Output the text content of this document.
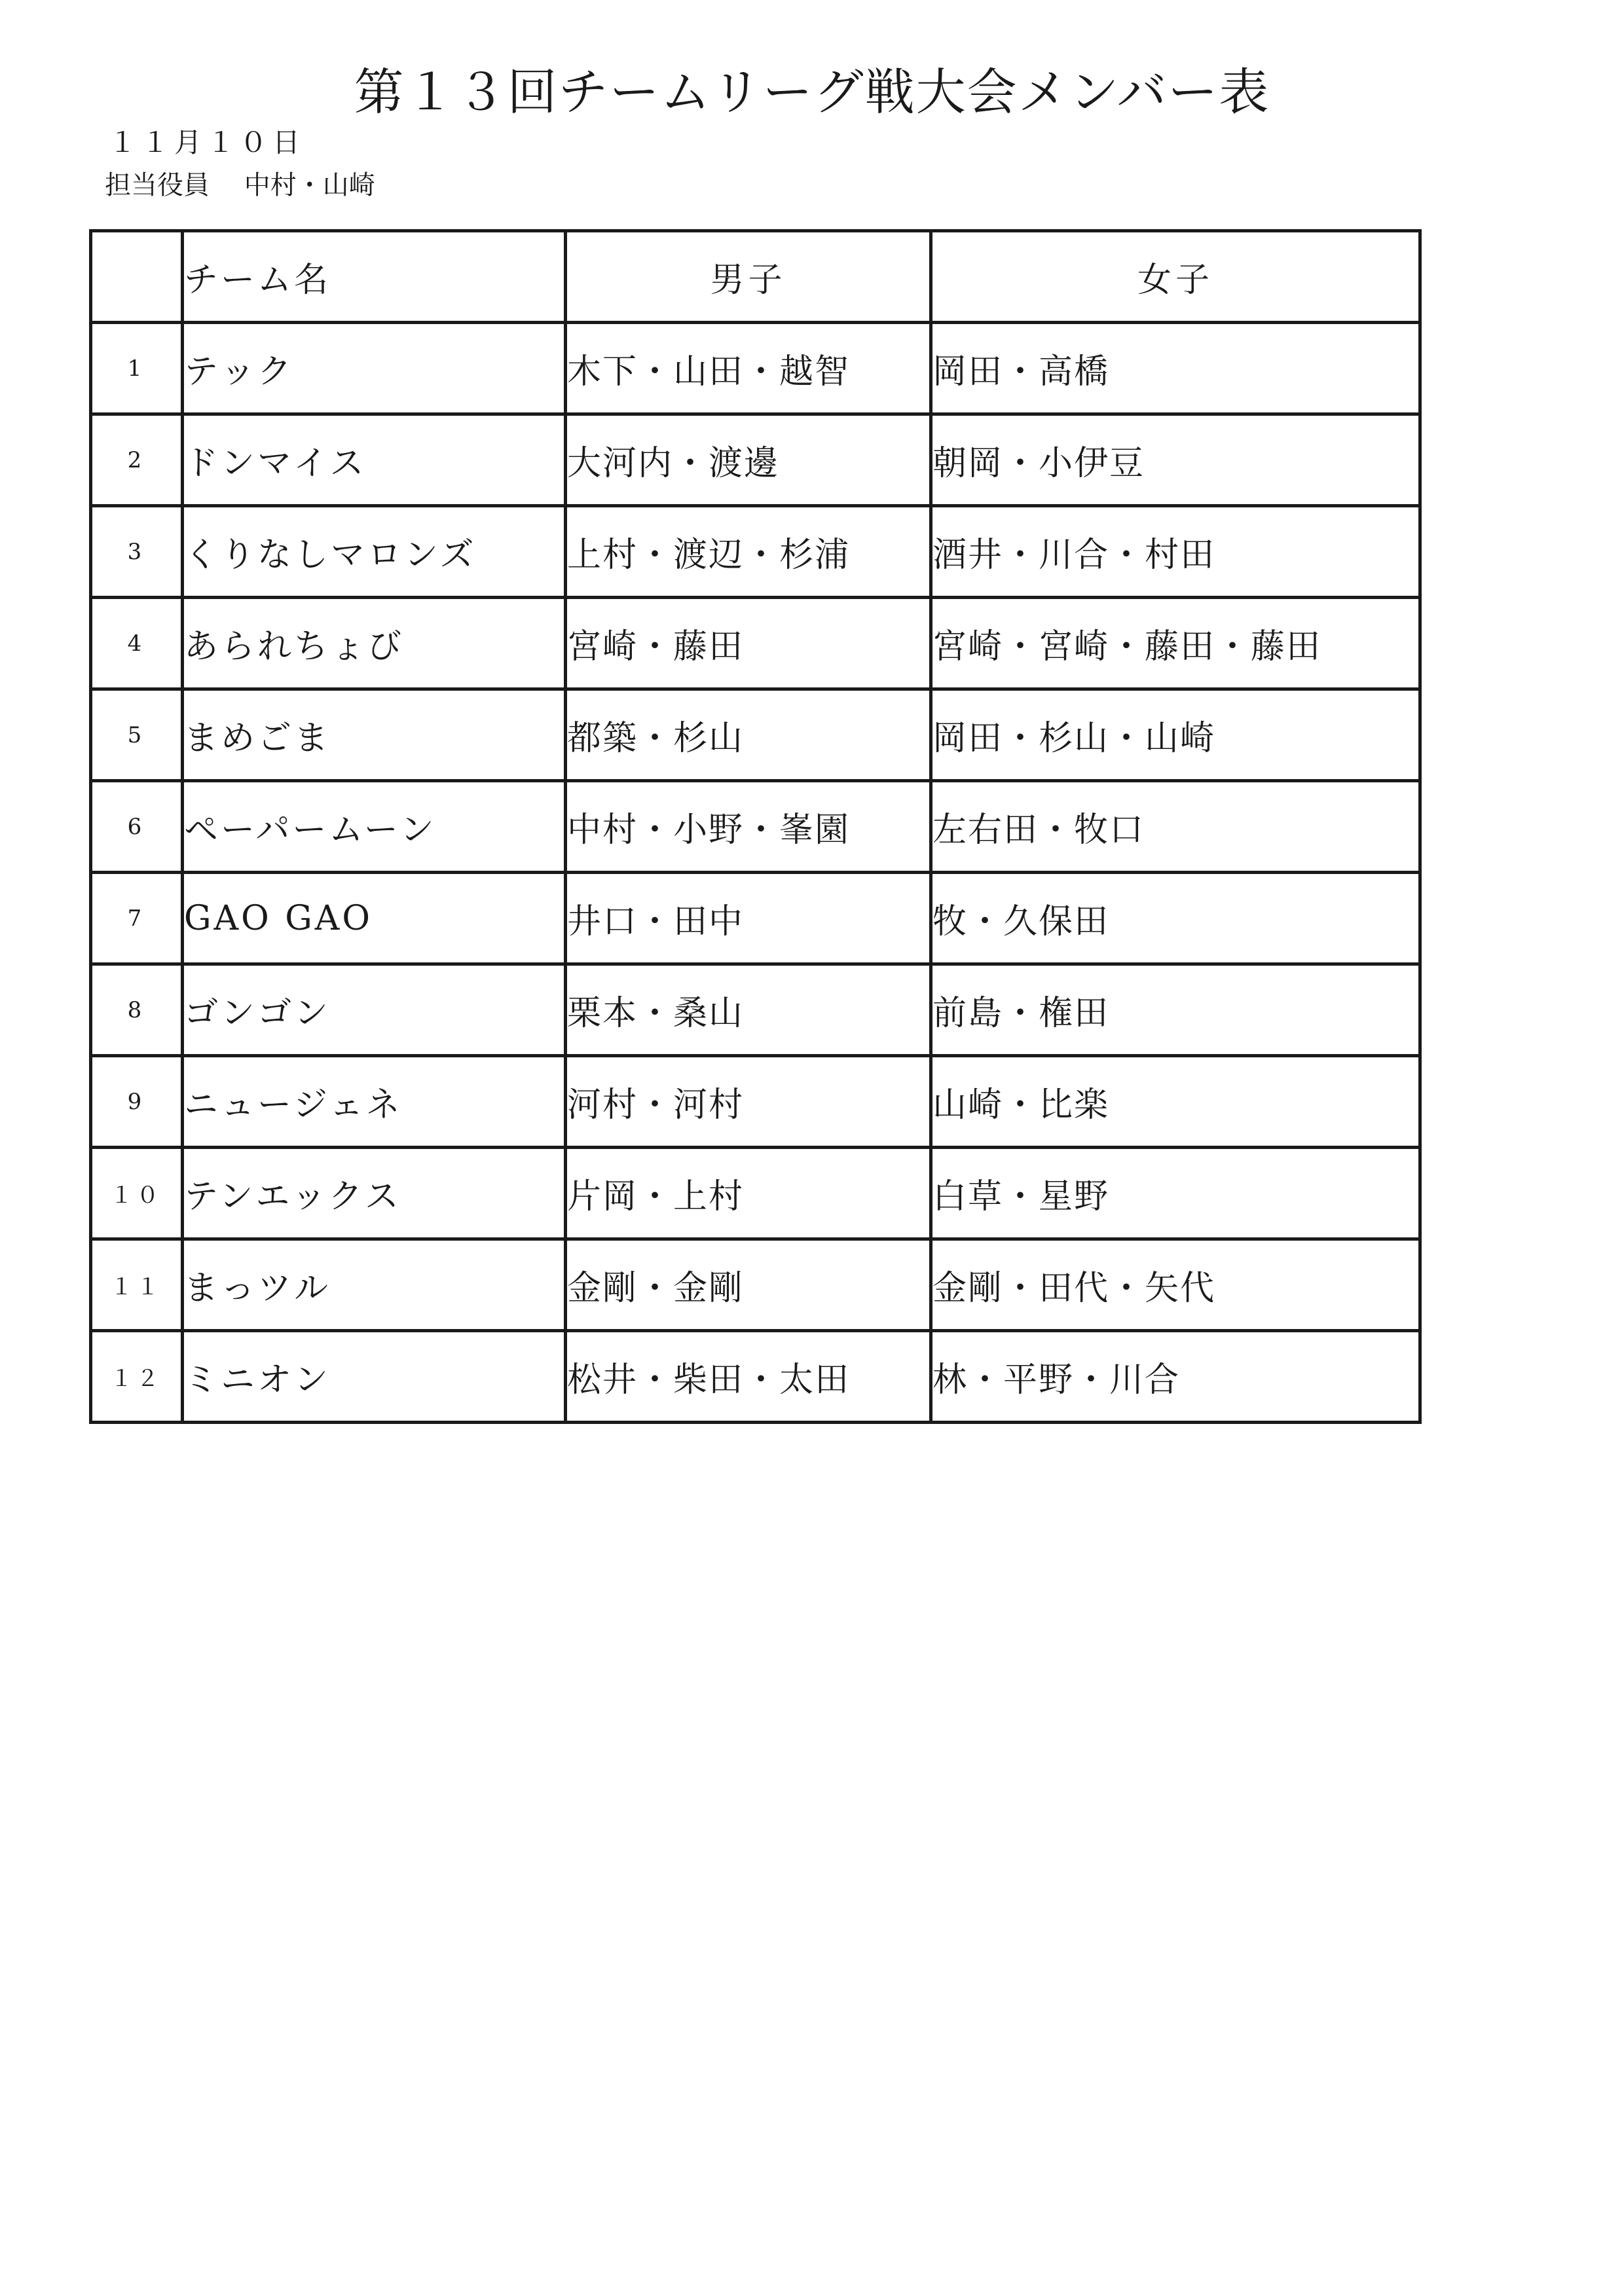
第１３回チームリーグ戦大会メンバー表
１１月１０日
担当役員　 中村・山崎
	チーム名	男子	女子
1	テック	木下・山田・越智	岡田・高橋
2	ドンマイス	大河内・渡邊	朝岡・小伊豆
3	くりなしマロンズ	上村・渡辺・杉浦	酒井・川合・村田
4	あられちょび	宮崎・藤田	宮崎・宮崎・藤田・藤田
5	まめごま	都築・杉山	岡田・杉山・山崎
6	ペーパームーン	中村・小野・峯園	左右田・牧口
7	GAO GAO	井口・田中	牧・久保田
8	ゴンゴン	栗本・桑山	前島・権田
9	ニュージェネ	河村・河村	山崎・比楽
１０	テンエックス	片岡・上村	白草・星野
１１	まっツル	金剛・金剛	金剛・田代・矢代
１２	ミニオン	松井・柴田・太田	林・平野・川合
